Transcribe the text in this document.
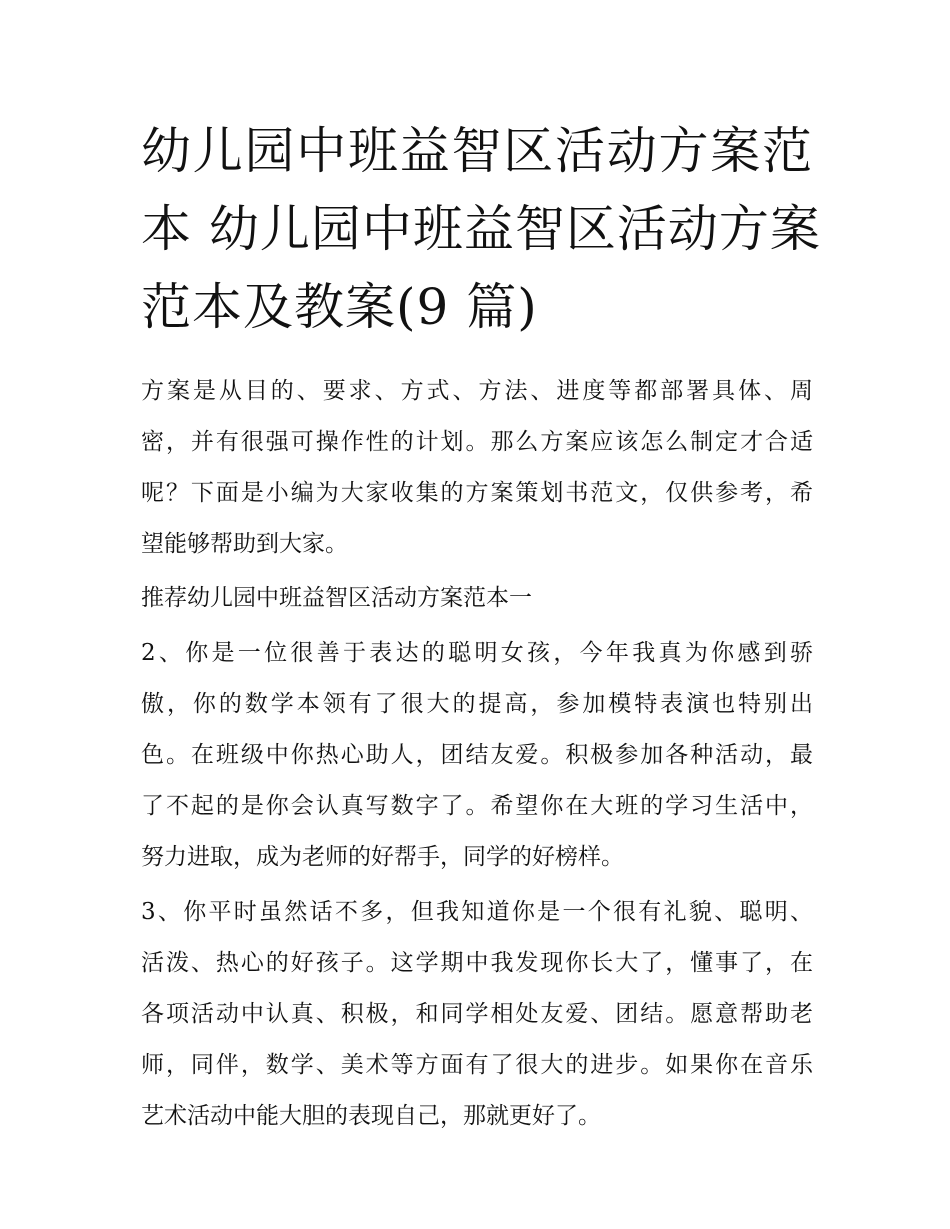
幼儿园中班益智区活动方案范
本 幼儿园中班益智区活动方案
范本及教案(9 篇)

方案是从目的、要求、方式、方法、进度等都部署具体、周
密，并有很强可操作性的计划。那么方案应该怎么制定才合适
呢？下面是小编为大家收集的方案策划书范文，仅供参考，希
望能够帮助到大家。

推荐幼儿园中班益智区活动方案范本一

2、你是一位很善于表达的聪明女孩，今年我真为你感到骄
傲，你的数学本领有了很大的提高，参加模特表演也特别出
色。在班级中你热心助人，团结友爱。积极参加各种活动，最
了不起的是你会认真写数字了。希望你在大班的学习生活中，
努力进取，成为老师的好帮手，同学的好榜样。

3、你平时虽然话不多，但我知道你是一个很有礼貌、聪明、
活泼、热心的好孩子。这学期中我发现你长大了，懂事了，在
各项活动中认真、积极，和同学相处友爱、团结。愿意帮助老
师，同伴，数学、美术等方面有了很大的进步。如果你在音乐
艺术活动中能大胆的表现自己，那就更好了。
